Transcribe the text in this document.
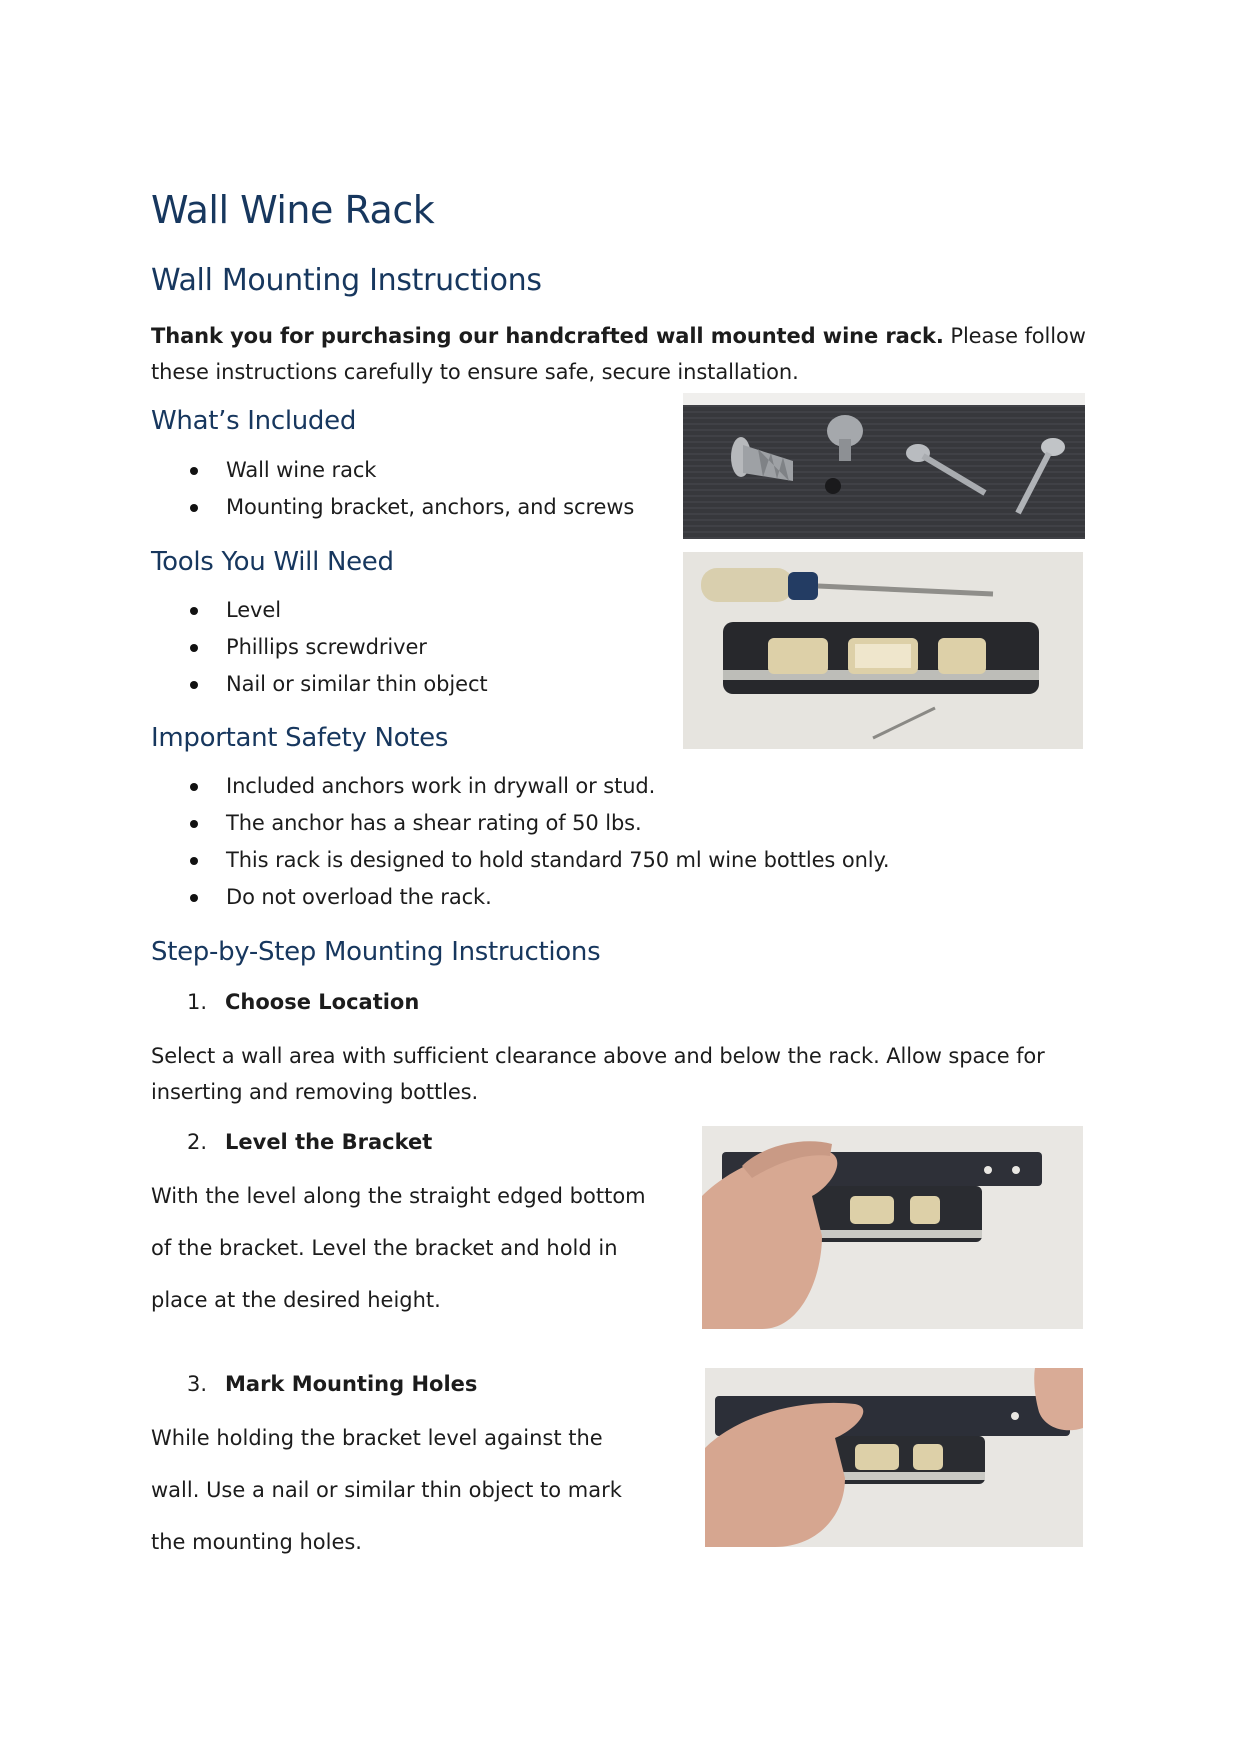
Wall Wine Rack
Wall Mounting Instructions
Thank you for purchasing our handcrafted wall mounted wine rack. Please follow these instructions carefully to ensure safe, secure installation.
What’s Included
Wall wine rack
Mounting bracket, anchors, and screws
Tools You Will Need
Level
Phillips screwdriver
Nail or similar thin object
Important Safety Notes
Included anchors work in drywall or stud.
The anchor has a shear rating of 50 lbs.
This rack is designed to hold standard 750 ml wine bottles only.
Do not overload the rack.
Step-by-Step Mounting Instructions
1. Choose Location
Select a wall area with sufficient clearance above and below the rack. Allow space for inserting and removing bottles.
2. Level the Bracket
With the level along the straight edged bottom
of the bracket. Level the bracket and hold in
place at the desired height.
3. Mark Mounting Holes
While holding the bracket level against the
wall. Use a nail or similar thin object to mark
the mounting holes.
